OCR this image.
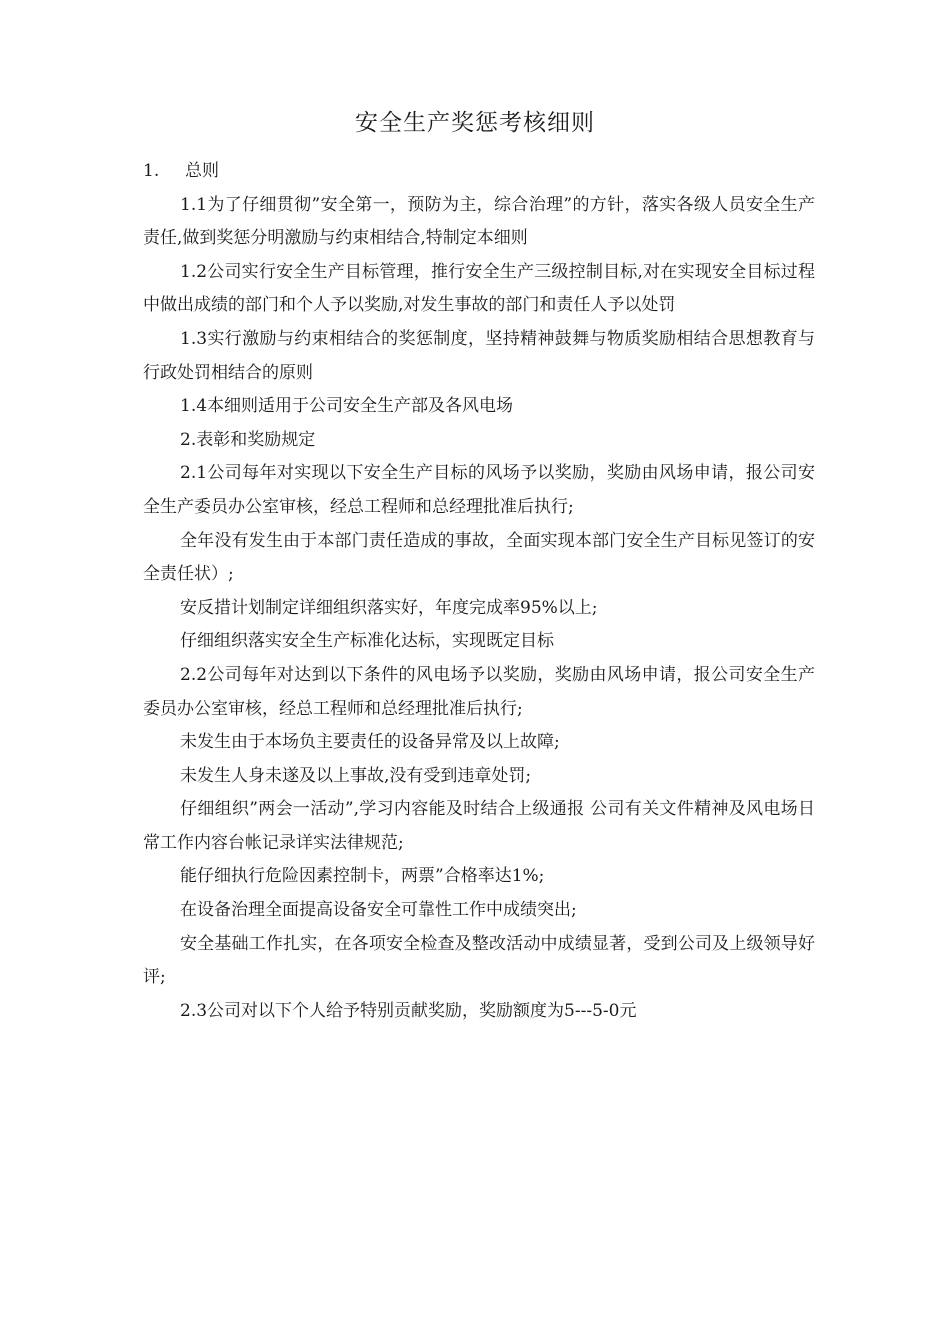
安全生产奖惩考核细则

1. 总则

1.1为了仔细贯彻”安全第一，预防为主，综合治理”的方针，落实各级人员安全生产责任,做到奖惩分明激励与约束相结合,特制定本细则

1.2公司实行安全生产目标管理，推行安全生产三级控制目标,对在实现安全目标过程中做出成绩的部门和个人予以奖励,对发生事故的部门和责任人予以处罚

1.3实行激励与约束相结合的奖惩制度，坚持精神鼓舞与物质奖励相结合思想教育与行政处罚相结合的原则

1.4本细则适用于公司安全生产部及各风电场

2.表彰和奖励规定

2.1公司每年对实现以下安全生产目标的风场予以奖励，奖励由风场申请，报公司安全生产委员办公室审核，经总工程师和总经理批准后执行;

全年没有发生由于本部门责任造成的事故，全面实现本部门安全生产目标见签订的安全责任状）;

安反措计划制定详细组织落实好，年度完成率95%以上;

仔细组织落实安全生产标准化达标，实现既定目标

2.2公司每年对达到以下条件的风电场予以奖励，奖励由风场申请，报公司安全生产委员办公室审核，经总工程师和总经理批准后执行;

未发生由于本场负主要责任的设备异常及以上故障;

未发生人身未遂及以上事故,没有受到违章处罚;

仔细组织”两会一活动”,学习内容能及时结合上级通报 公司有关文件精神及风电场日常工作内容台帐记录详实法律规范;

能仔细执行危险因素控制卡，两票”合格率达1%;

在设备治理全面提高设备安全可靠性工作中成绩突出;

安全基础工作扎实，在各项安全检查及整改活动中成绩显著，受到公司及上级领导好评;

2.3公司对以下个人给予特别贡献奖励，奖励额度为5---5-0元
